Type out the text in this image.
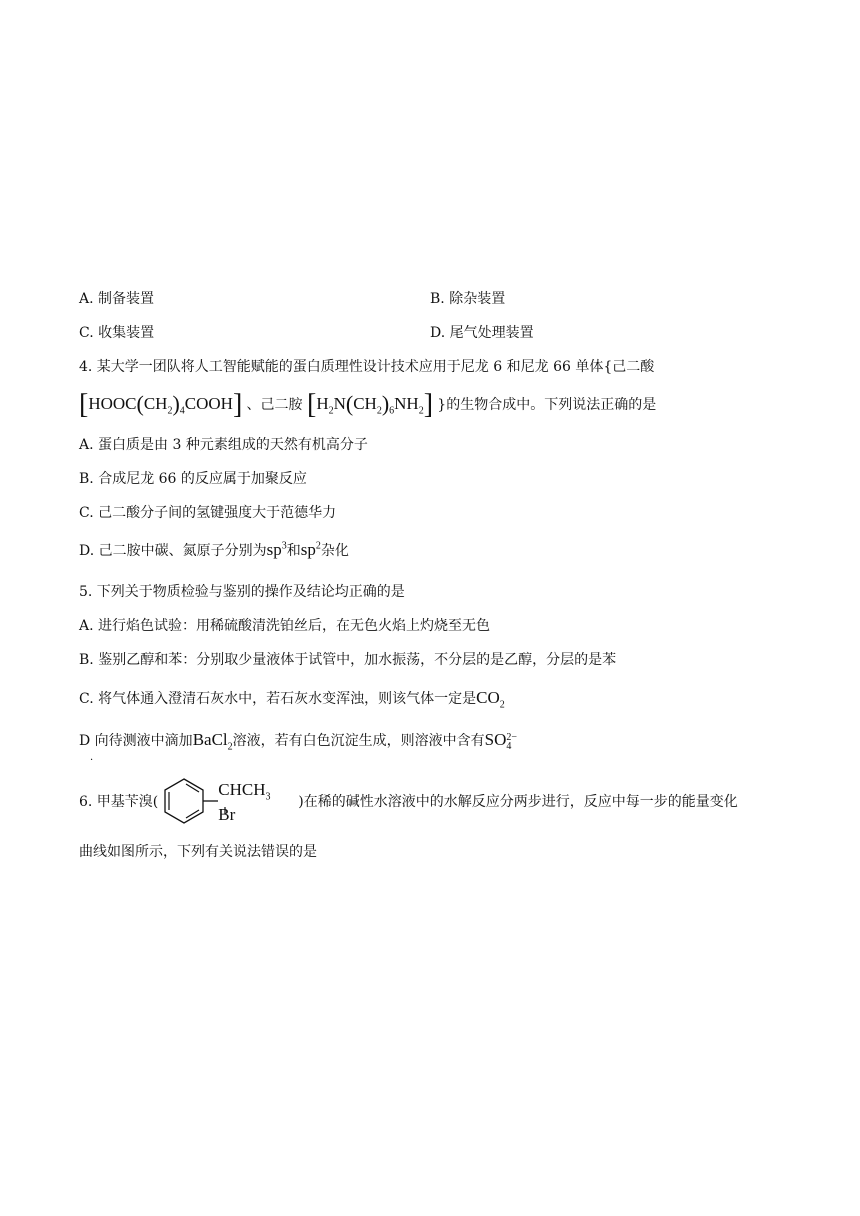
A. 制备装置	B. 除杂装置
C. 收集装置	D. 尾气处理装置
4. 某大学一团队将人工智能赋能的蛋白质理性设计技术应用于尼龙 6 和尼龙 66 单体{己二酸
$[HOOC(CH_2)_4COOH]$ 、己二胺 $[H_2N(CH_2)_6NH_2]$ }的生物合成中。下列说法正确的是
A. 蛋白质是由 3 种元素组成的天然有机高分子
B. 合成尼龙 66 的反应属于加聚反应
C. 己二酸分子间的氢键强度大于范德华力
D. 己二胺中碳、氮原子分别为$sp^3$和$sp^2$杂化
5. 下列关于物质检验与鉴别的操作及结论均正确的是
A. 进行焰色试验：用稀硫酸清洗铂丝后，在无色火焰上灼烧至无色
B. 鉴别乙醇和苯：分别取少量液体于试管中，加水振荡，不分层的是乙醇，分层的是苯
C. 将气体通入澄清石灰水中，若石灰水变浑浊，则该气体一定是$CO_2$
D 向待测液中滴加BaCl$_2$溶液，若有白色沉淀生成，则溶液中含有SO2−
4
·
6. 甲基苄溴(
$CHCH_3$
Br
)在稀的碱性水溶液中的水解反应分两步进行，反应中每一步的能量变化
曲线如图所示，下列有关说法错误的是
